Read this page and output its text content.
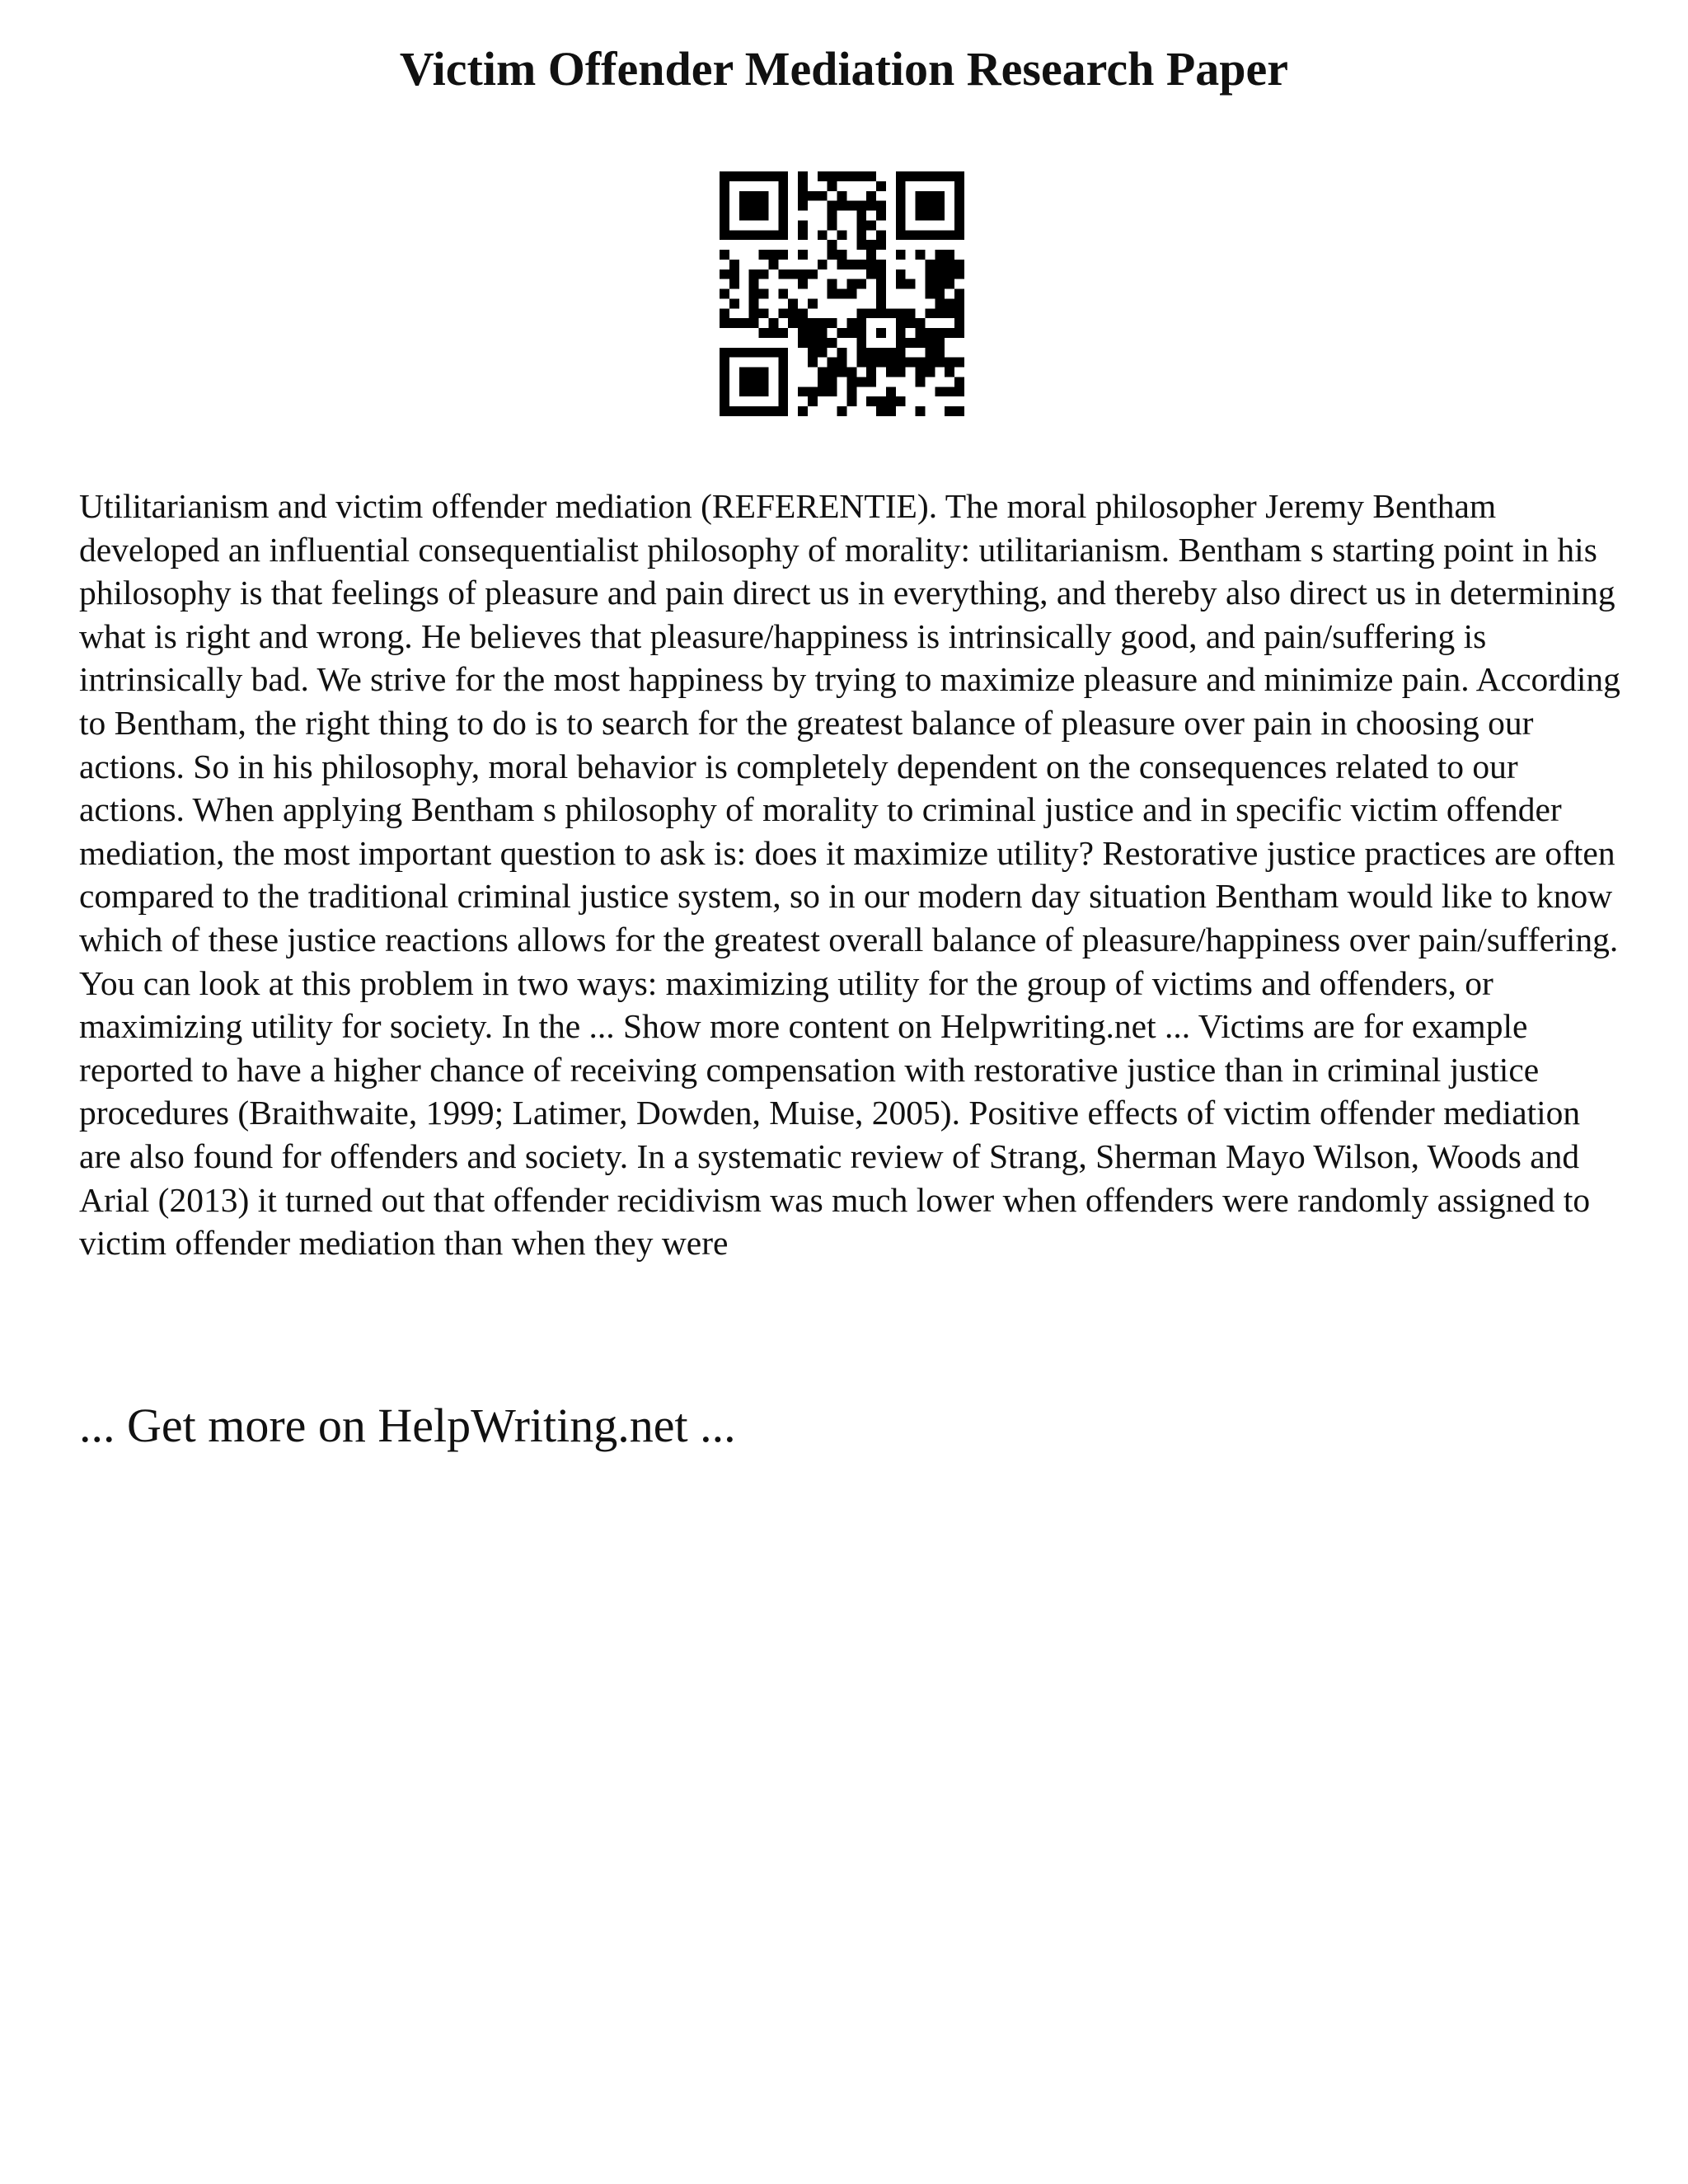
Victim Offender Mediation Research Paper

Utilitarianism and victim offender mediation (REFERENTIE). The moral philosopher Jeremy Bentham developed an influential consequentialist philosophy of morality: utilitarianism. Bentham s starting point in his philosophy is that feelings of pleasure and pain direct us in everything, and thereby also direct us in determining what is right and wrong. He believes that pleasure/happiness is intrinsically good, and pain/suffering is intrinsically bad. We strive for the most happiness by trying to maximize pleasure and minimize pain. According to Bentham, the right thing to do is to search for the greatest balance of pleasure over pain in choosing our actions. So in his philosophy, moral behavior is completely dependent on the consequences related to our actions. When applying Bentham s philosophy of morality to criminal justice and in specific victim offender mediation, the most important question to ask is: does it maximize utility? Restorative justice practices are often compared to the traditional criminal justice system, so in our modern day situation Bentham would like to know which of these justice reactions allows for the greatest overall balance of pleasure/happiness over pain/suffering. You can look at this problem in two ways: maximizing utility for the group of victims and offenders, or maximizing utility for society. In the ... Show more content on Helpwriting.net ... Victims are for example reported to have a higher chance of receiving compensation with restorative justice than in criminal justice procedures (Braithwaite, 1999; Latimer, Dowden, Muise, 2005). Positive effects of victim offender mediation are also found for offenders and society. In a systematic review of Strang, Sherman Mayo Wilson, Woods and Arial (2013) it turned out that offender recidivism was much lower when offenders were randomly assigned to victim offender mediation than when they were

... Get more on HelpWriting.net ...
